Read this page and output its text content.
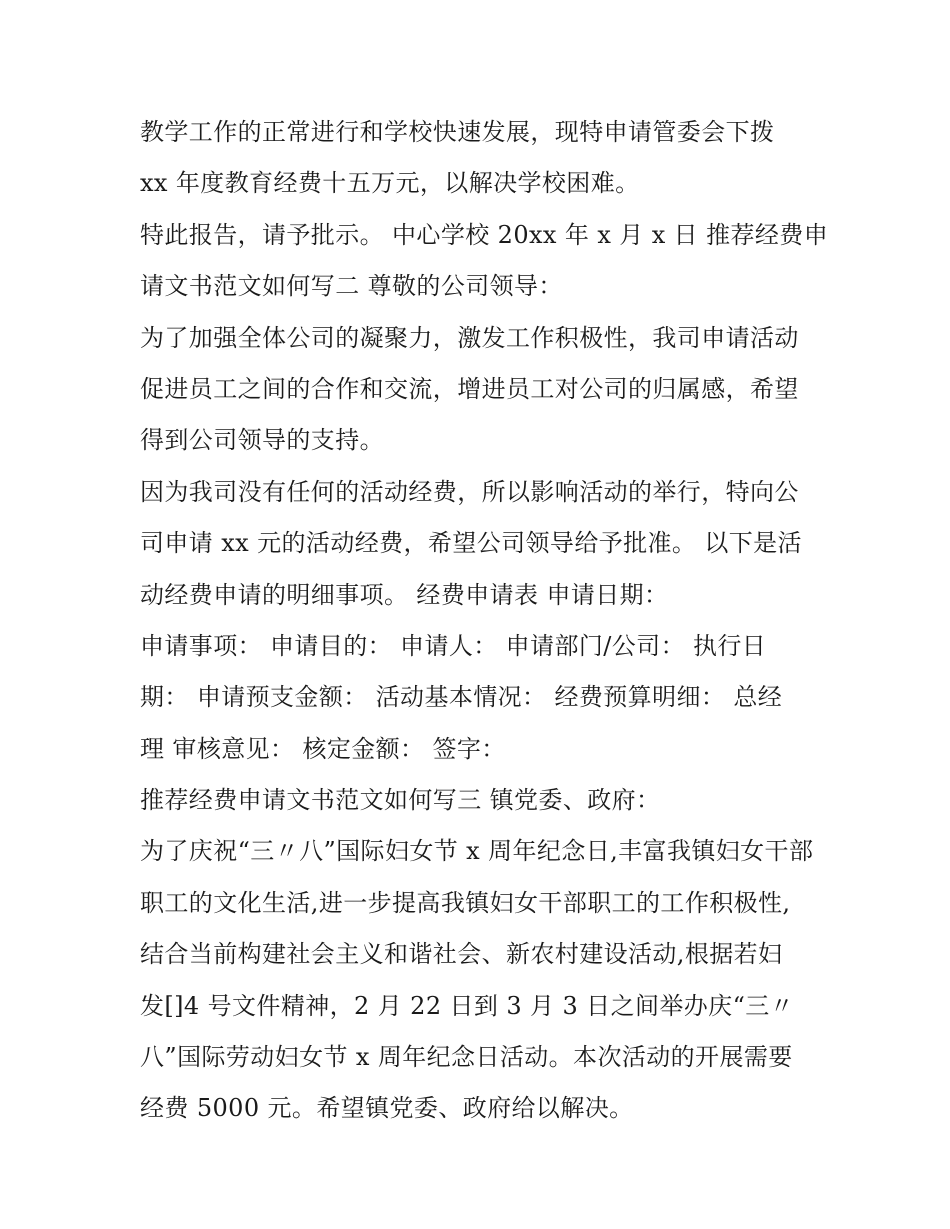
教学工作的正常进行和学校快速发展，现特申请管委会下拨
xx 年度教育经费十五万元，以解决学校困难。
特此报告，请予批示。 中心学校 20xx 年 x 月 x 日 推荐经费申
请文书范文如何写二 尊敬的公司领导：
为了加强全体公司的凝聚力，激发工作积极性，我司申请活动
促进员工之间的合作和交流，增进员工对公司的归属感，希望
得到公司领导的支持。
因为我司没有任何的活动经费，所以影响活动的举行，特向公
司申请 xx 元的活动经费，希望公司领导给予批准。 以下是活
动经费申请的明细事项。 经费申请表 申请日期：
申请事项： 申请目的： 申请人： 申请部门/公司： 执行日
期： 申请预支金额： 活动基本情况： 经费预算明细： 总经
理 审核意见： 核定金额： 签字：
推荐经费申请文书范文如何写三 镇党委、政府：
为了庆祝“三〃八”国际妇女节 x 周年纪念日,丰富我镇妇女干部
职工的文化生活,进一步提高我镇妇女干部职工的工作积极性,
结合当前构建社会主义和谐社会、新农村建设活动,根据若妇
发[]4 号文件精神，2 月 22 日到 3 月 3 日之间举办庆“三〃
八”国际劳动妇女节 x 周年纪念日活动。本次活动的开展需要
经费 5000 元。希望镇党委、政府给以解决。
